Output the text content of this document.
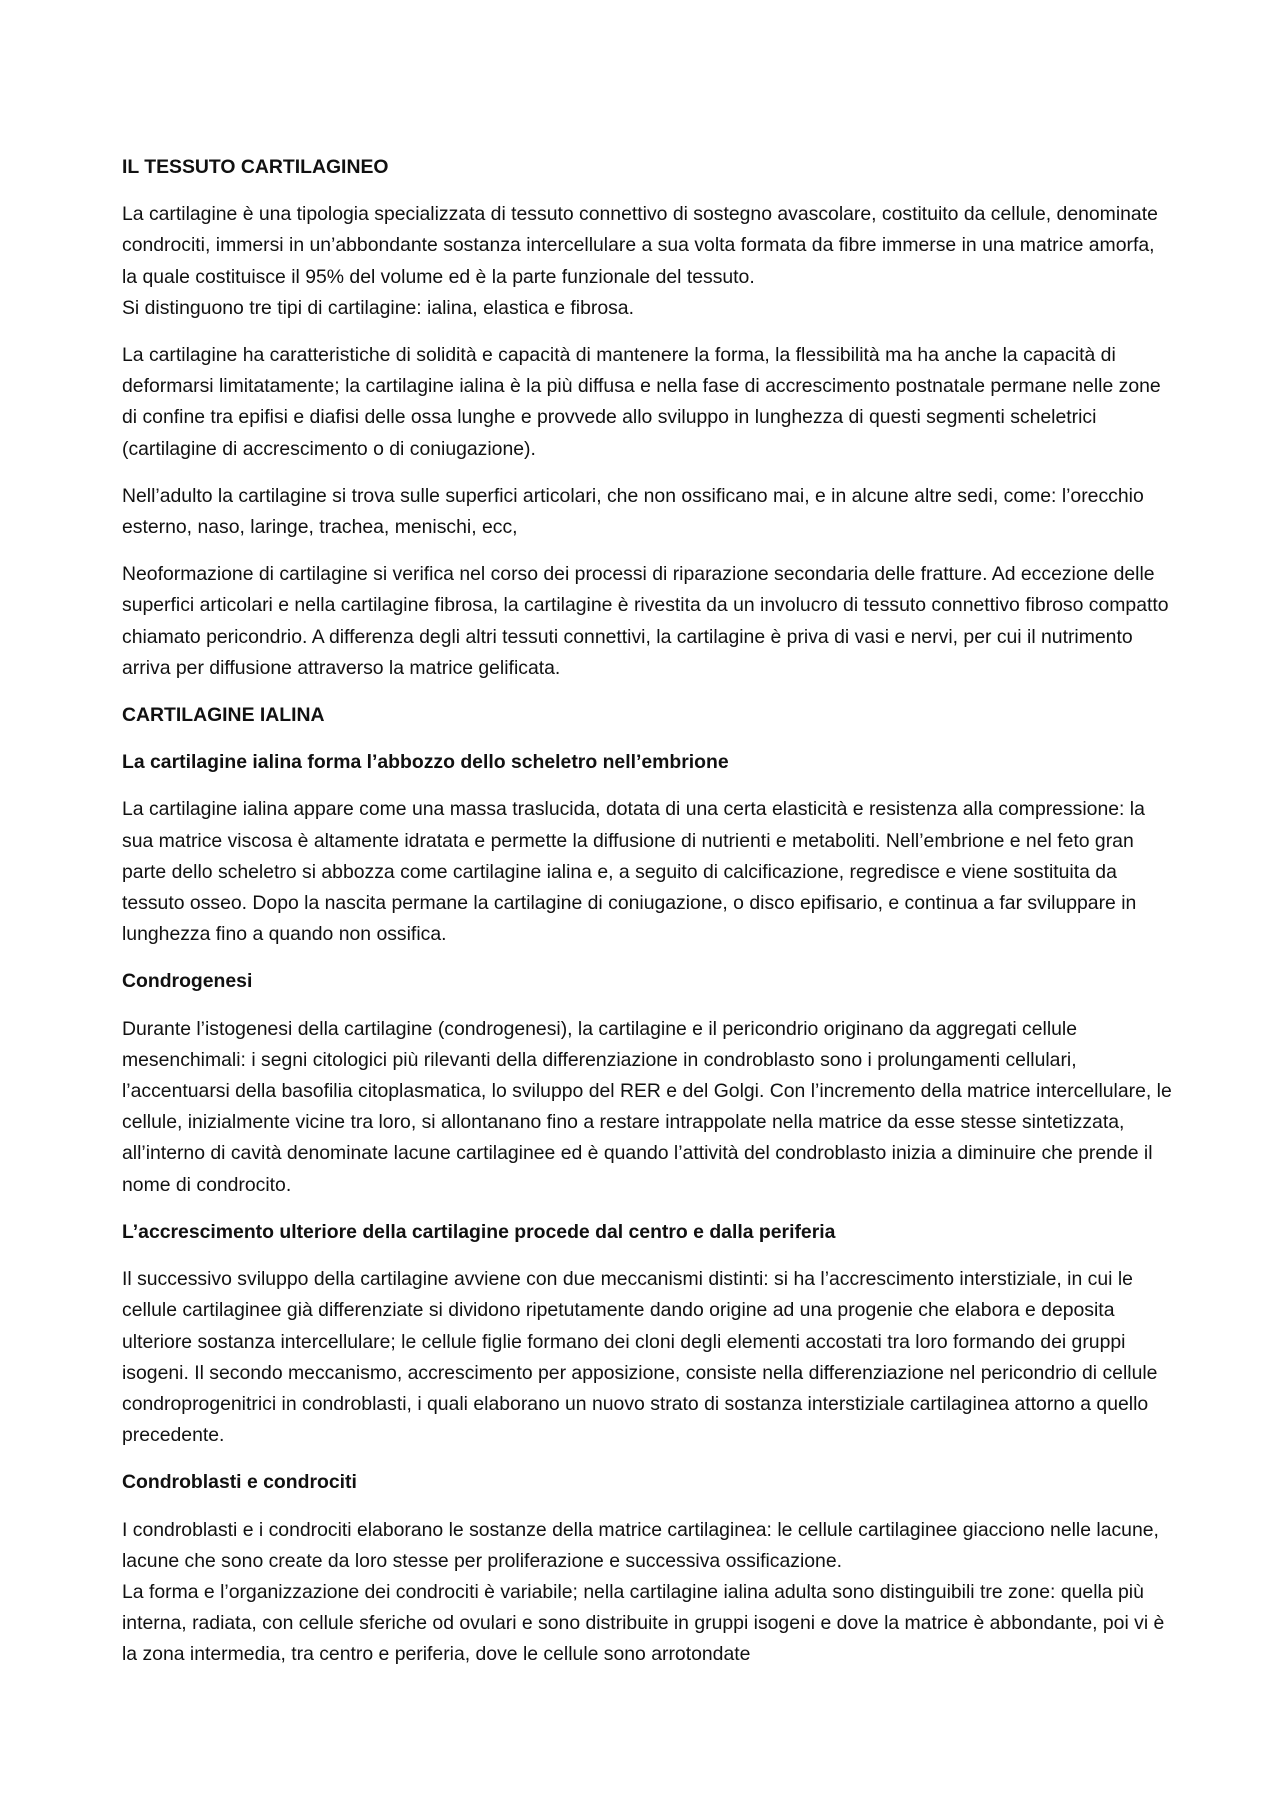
IL TESSUTO CARTILAGINEO

La cartilagine è una tipologia specializzata di tessuto connettivo di sostegno avascolare, costituito da cellule, denominate condrociti, immersi in un’abbondante sostanza intercellulare a sua volta formata da fibre immerse in una matrice amorfa, la quale costituisce il 95% del volume ed è la parte funzionale del tessuto.
Si distinguono tre tipi di cartilagine: ialina, elastica e fibrosa.

La cartilagine ha caratteristiche di solidità e capacità di mantenere la forma, la flessibilità ma ha anche la capacità di deformarsi limitatamente; la cartilagine ialina è la più diffusa e nella fase di accrescimento postnatale permane nelle zone di confine tra epifisi e diafisi delle ossa lunghe e provvede allo sviluppo in lunghezza di questi segmenti scheletrici (cartilagine di accrescimento o di coniugazione).

Nell’adulto la cartilagine si trova sulle superfici articolari, che non ossificano mai, e in alcune altre sedi, come: l’orecchio esterno, naso, laringe, trachea, menischi, ecc,

Neoformazione di cartilagine si verifica nel corso dei processi di riparazione secondaria delle fratture. Ad eccezione delle superfici articolari e nella cartilagine fibrosa, la cartilagine è rivestita da un involucro di tessuto connettivo fibroso compatto chiamato pericondrio. A differenza degli altri tessuti connettivi, la cartilagine è priva di vasi e nervi, per cui il nutrimento arriva per diffusione attraverso la matrice gelificata.

CARTILAGINE IALINA
La cartilagine ialina forma l’abbozzo dello scheletro nell’embrione

La cartilagine ialina appare come una massa traslucida, dotata di una certa elasticità e resistenza alla compressione: la sua matrice viscosa è altamente idratata e permette la diffusione di nutrienti e metaboliti. Nell’embrione e nel feto gran parte dello scheletro si abbozza come cartilagine ialina e, a seguito di calcificazione, regredisce e viene sostituita da tessuto osseo. Dopo la nascita permane la cartilagine di coniugazione, o disco epifisario, e continua a far sviluppare in lunghezza fino a quando non ossifica.

Condrogenesi

Durante l’istogenesi della cartilagine (condrogenesi), la cartilagine e il pericondrio originano da aggregati cellule mesenchimali: i segni citologici più rilevanti della differenziazione in condroblasto sono i prolungamenti cellulari, l’accentuarsi della basofilia citoplasmatica, lo sviluppo del RER e del Golgi. Con l’incremento della matrice intercellulare, le cellule, inizialmente vicine tra loro, si allontanano fino a restare intrappolate nella matrice da esse stesse sintetizzata, all’interno di cavità denominate lacune cartilaginee ed è quando l’attività del condroblasto inizia a diminuire che prende il nome di condrocito.

L’accrescimento ulteriore della cartilagine procede dal centro e dalla periferia

Il successivo sviluppo della cartilagine avviene con due meccanismi distinti: si ha l’accrescimento interstiziale, in cui le cellule cartilaginee già differenziate si dividono ripetutamente dando origine ad una progenie che elabora e deposita ulteriore sostanza intercellulare; le cellule figlie formano dei cloni degli elementi accostati tra loro formando dei gruppi isogeni. Il secondo meccanismo, accrescimento per apposizione, consiste nella differenziazione nel pericondrio di cellule condroprogenitrici in condroblasti, i quali elaborano un nuovo strato di sostanza interstiziale cartilaginea attorno a quello precedente.

Condroblasti e condrociti

I condroblasti e i condrociti elaborano le sostanze della matrice cartilaginea: le cellule cartilaginee giacciono nelle lacune, lacune che sono create da loro stesse per proliferazione e successiva ossificazione.
La forma e l’organizzazione dei condrociti è variabile; nella cartilagine ialina adulta sono distinguibili tre zone: quella più interna, radiata, con cellule sferiche od ovulari e sono distribuite in gruppi isogeni e dove la matrice è abbondante, poi vi è la zona intermedia, tra centro e periferia, dove le cellule sono arrotondate
